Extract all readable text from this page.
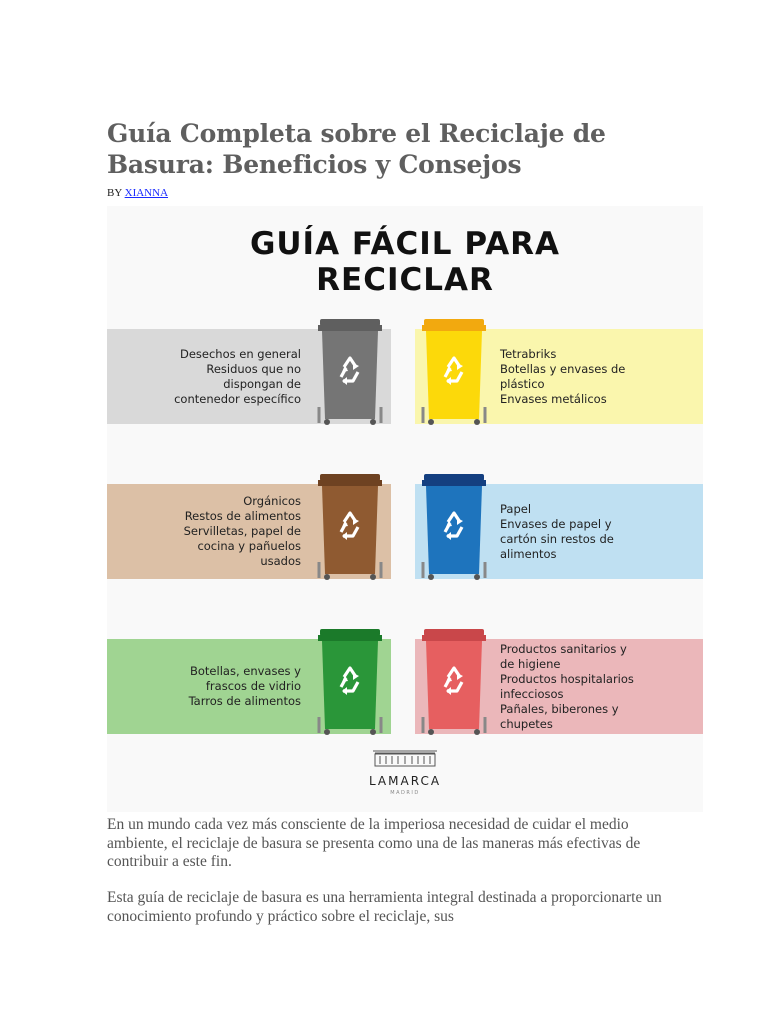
Guía Completa sobre el Reciclaje de Basura: Beneficios y Consejos
BY XIANNA
GUÍA FÁCIL PARA
RECICLAR
Desechos en general
Residuos que no
dispongan de
contenedor específico
Tetrabriks
Botellas y envases de
plástico
Envases metálicos
Orgánicos
Restos de alimentos
Servilletas, papel de
cocina y pañuelos
usados
Papel
Envases de papel y
cartón sin restos de
alimentos
Botellas, envases y
frascos de vidrio
Tarros de alimentos
Productos sanitarios y
de higiene
Productos hospitalarios
infecciosos
Pañales, biberones y
chupetes
LAMARCA
MADRID

En un mundo cada vez más consciente de la imperiosa necesidad de cuidar el medio ambiente, el reciclaje de basura se presenta como una de las maneras más efectivas de contribuir a este fin.

Esta guía de reciclaje de basura es una herramienta integral destinada a proporcionarte un conocimiento profundo y práctico sobre el reciclaje, sus
